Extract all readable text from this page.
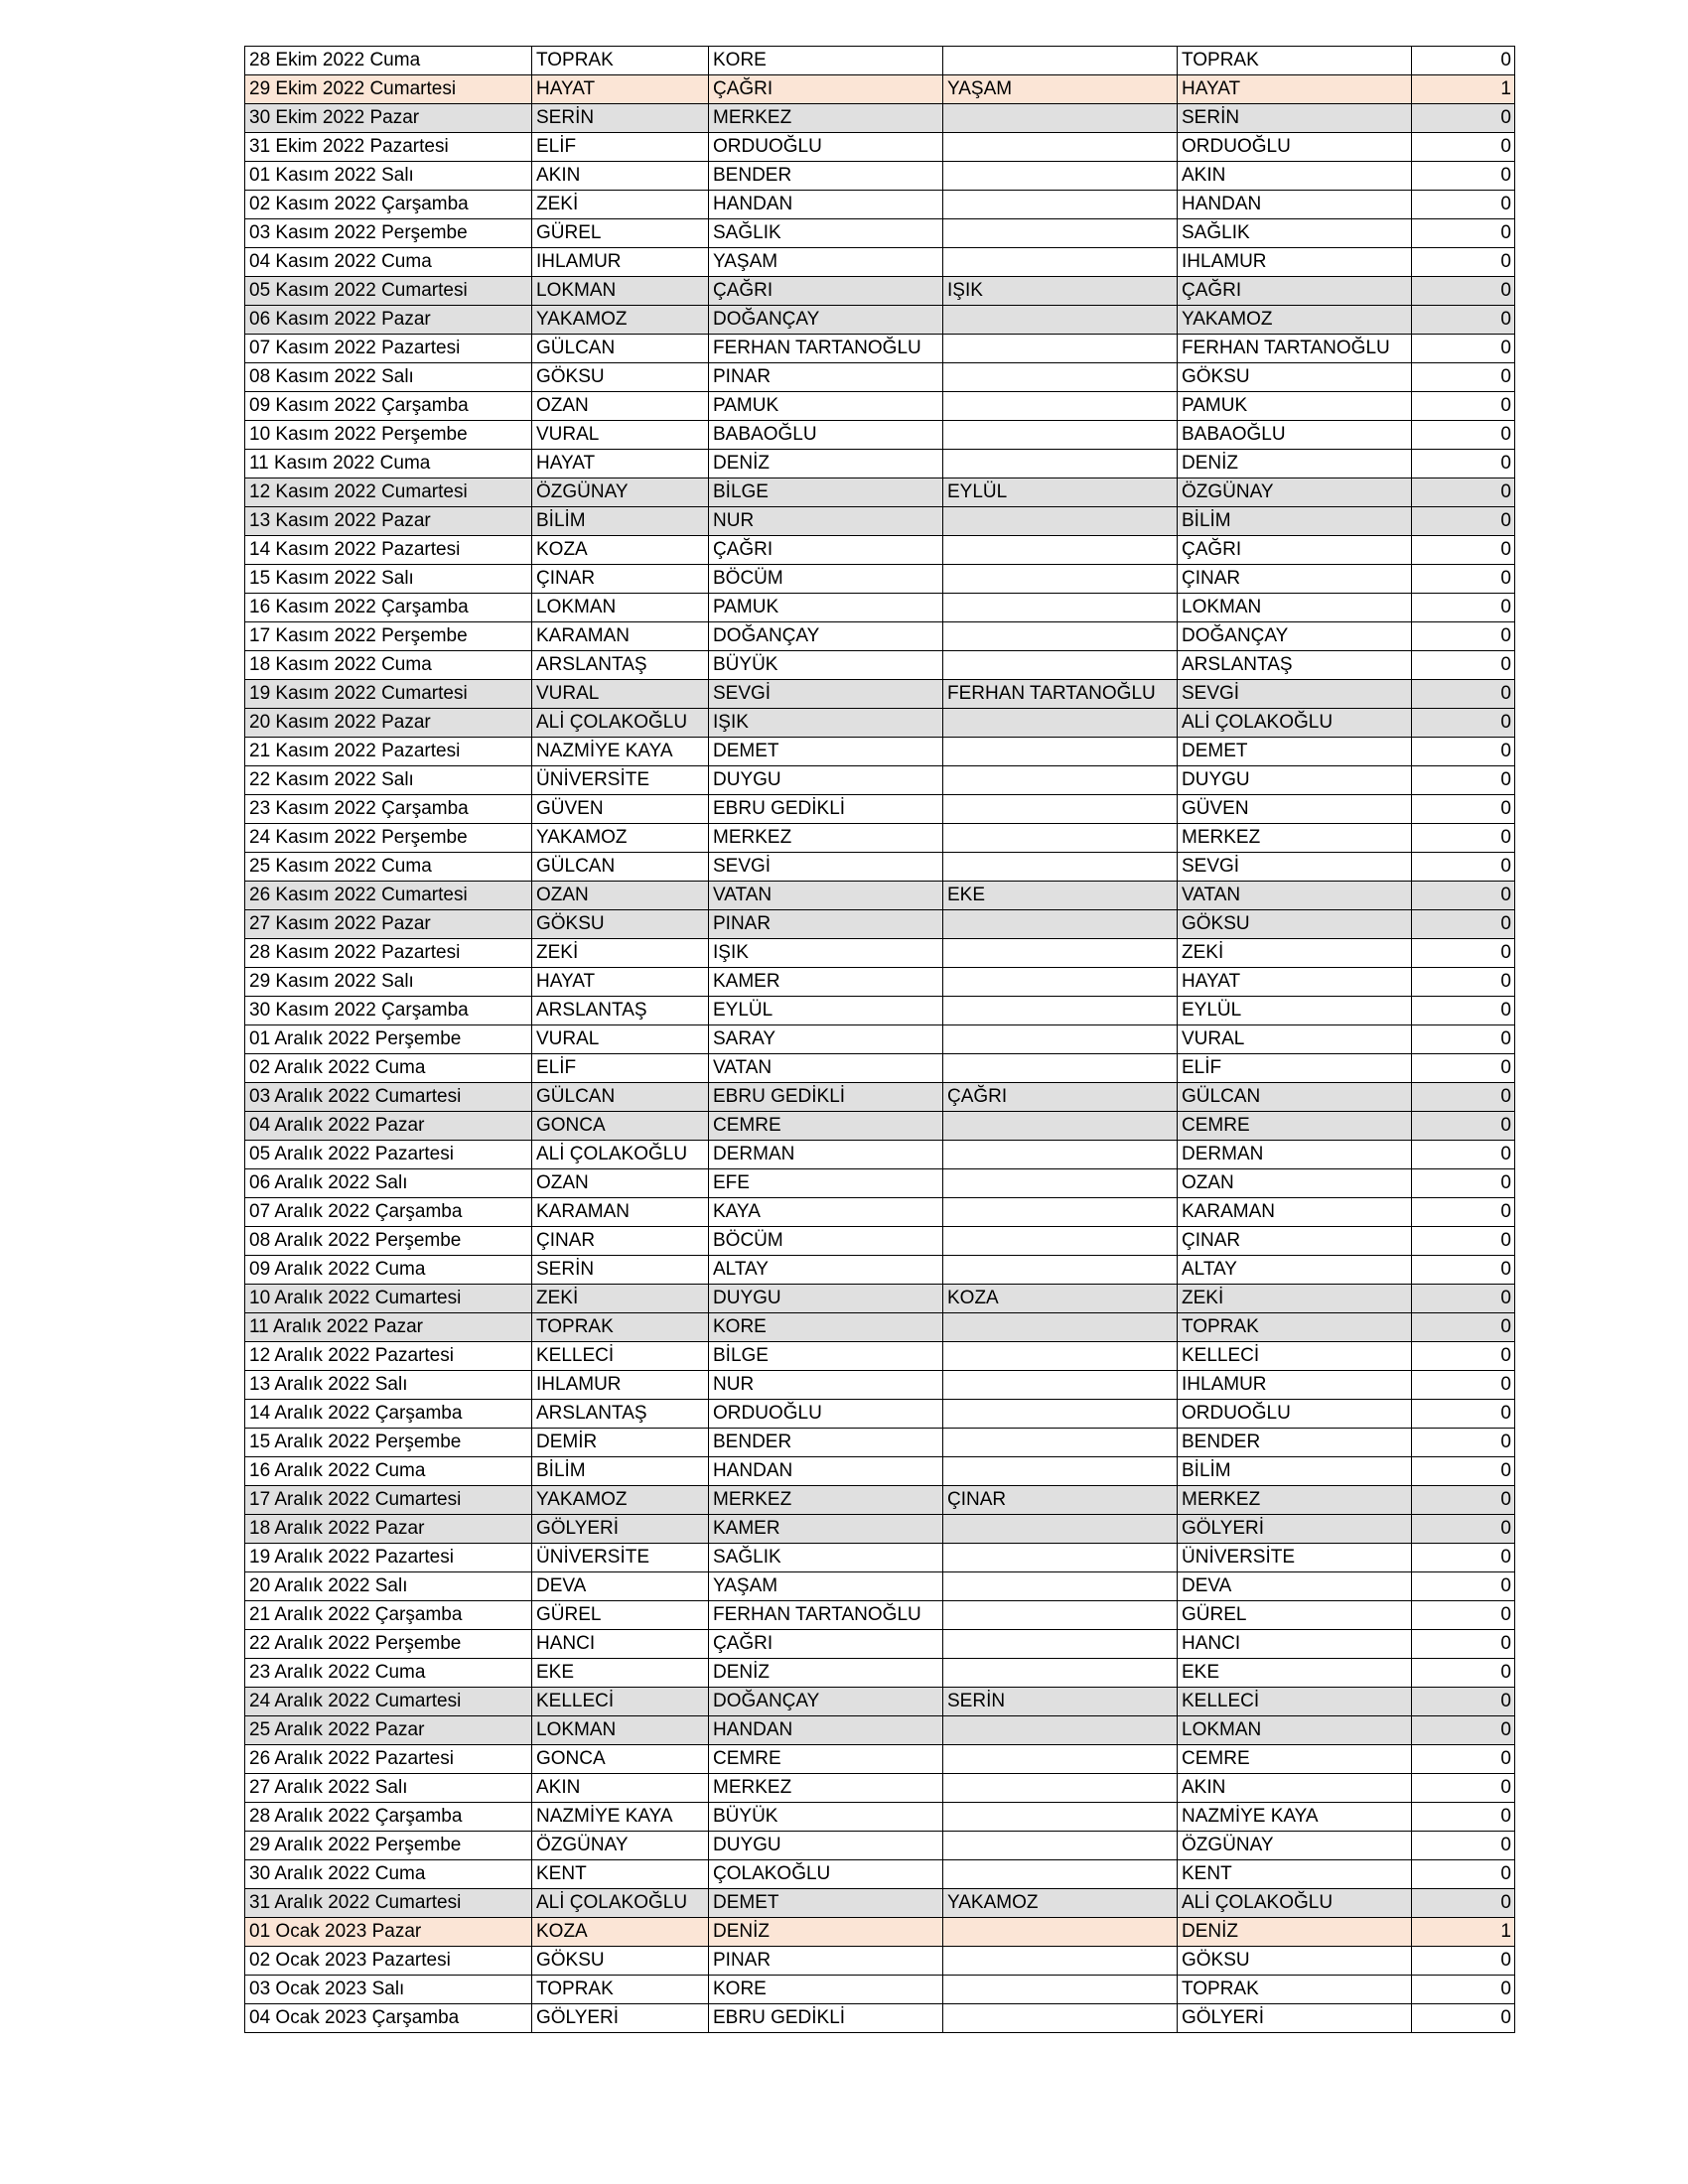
28 Ekim 2022 Cuma	TOPRAK	KORE		TOPRAK	0
29 Ekim 2022 Cumartesi	HAYAT	ÇAĞRI	YAŞAM	HAYAT	1
30 Ekim 2022 Pazar	SERİN	MERKEZ		SERİN	0
31 Ekim 2022 Pazartesi	ELİF	ORDUOĞLU		ORDUOĞLU	0
01 Kasım 2022 Salı	AKIN	BENDER		AKIN	0
02 Kasım 2022 Çarşamba	ZEKİ	HANDAN		HANDAN	0
03 Kasım 2022 Perşembe	GÜREL	SAĞLIK		SAĞLIK	0
04 Kasım 2022 Cuma	IHLAMUR	YAŞAM		IHLAMUR	0
05 Kasım 2022 Cumartesi	LOKMAN	ÇAĞRI	IŞIK	ÇAĞRI	0
06 Kasım 2022 Pazar	YAKAMOZ	DOĞANÇAY		YAKAMOZ	0
07 Kasım 2022 Pazartesi	GÜLCAN	FERHAN TARTANOĞLU		FERHAN TARTANOĞLU	0
08 Kasım 2022 Salı	GÖKSU	PINAR		GÖKSU	0
09 Kasım 2022 Çarşamba	OZAN	PAMUK		PAMUK	0
10 Kasım 2022 Perşembe	VURAL	BABAOĞLU		BABAOĞLU	0
11 Kasım 2022 Cuma	HAYAT	DENİZ		DENİZ	0
12 Kasım 2022 Cumartesi	ÖZGÜNAY	BİLGE	EYLÜL	ÖZGÜNAY	0
13 Kasım 2022 Pazar	BİLİM	NUR		BİLİM	0
14 Kasım 2022 Pazartesi	KOZA	ÇAĞRI		ÇAĞRI	0
15 Kasım 2022 Salı	ÇINAR	BÖCÜM		ÇINAR	0
16 Kasım 2022 Çarşamba	LOKMAN	PAMUK		LOKMAN	0
17 Kasım 2022 Perşembe	KARAMAN	DOĞANÇAY		DOĞANÇAY	0
18 Kasım 2022 Cuma	ARSLANTAŞ	BÜYÜK		ARSLANTAŞ	0
19 Kasım 2022 Cumartesi	VURAL	SEVGİ	FERHAN TARTANOĞLU	SEVGİ	0
20 Kasım 2022 Pazar	ALİ ÇOLAKOĞLU	IŞIK		ALİ ÇOLAKOĞLU	0
21 Kasım 2022 Pazartesi	NAZMİYE KAYA	DEMET		DEMET	0
22 Kasım 2022 Salı	ÜNİVERSİTE	DUYGU		DUYGU	0
23 Kasım 2022 Çarşamba	GÜVEN	EBRU GEDİKLİ		GÜVEN	0
24 Kasım 2022 Perşembe	YAKAMOZ	MERKEZ		MERKEZ	0
25 Kasım 2022 Cuma	GÜLCAN	SEVGİ		SEVGİ	0
26 Kasım 2022 Cumartesi	OZAN	VATAN	EKE	VATAN	0
27 Kasım 2022 Pazar	GÖKSU	PINAR		GÖKSU	0
28 Kasım 2022 Pazartesi	ZEKİ	IŞIK		ZEKİ	0
29 Kasım 2022 Salı	HAYAT	KAMER		HAYAT	0
30 Kasım 2022 Çarşamba	ARSLANTAŞ	EYLÜL		EYLÜL	0
01 Aralık 2022 Perşembe	VURAL	SARAY		VURAL	0
02 Aralık 2022 Cuma	ELİF	VATAN		ELİF	0
03 Aralık 2022 Cumartesi	GÜLCAN	EBRU GEDİKLİ	ÇAĞRI	GÜLCAN	0
04 Aralık 2022 Pazar	GONCA	CEMRE		CEMRE	0
05 Aralık 2022 Pazartesi	ALİ ÇOLAKOĞLU	DERMAN		DERMAN	0
06 Aralık 2022 Salı	OZAN	EFE		OZAN	0
07 Aralık 2022 Çarşamba	KARAMAN	KAYA		KARAMAN	0
08 Aralık 2022 Perşembe	ÇINAR	BÖCÜM		ÇINAR	0
09 Aralık 2022 Cuma	SERİN	ALTAY		ALTAY	0
10 Aralık 2022 Cumartesi	ZEKİ	DUYGU	KOZA	ZEKİ	0
11 Aralık 2022 Pazar	TOPRAK	KORE		TOPRAK	0
12 Aralık 2022 Pazartesi	KELLECİ	BİLGE		KELLECİ	0
13 Aralık 2022 Salı	IHLAMUR	NUR		IHLAMUR	0
14 Aralık 2022 Çarşamba	ARSLANTAŞ	ORDUOĞLU		ORDUOĞLU	0
15 Aralık 2022 Perşembe	DEMİR	BENDER		BENDER	0
16 Aralık 2022 Cuma	BİLİM	HANDAN		BİLİM	0
17 Aralık 2022 Cumartesi	YAKAMOZ	MERKEZ	ÇINAR	MERKEZ	0
18 Aralık 2022 Pazar	GÖLYERİ	KAMER		GÖLYERİ	0
19 Aralık 2022 Pazartesi	ÜNİVERSİTE	SAĞLIK		ÜNİVERSİTE	0
20 Aralık 2022 Salı	DEVA	YAŞAM		DEVA	0
21 Aralık 2022 Çarşamba	GÜREL	FERHAN TARTANOĞLU		GÜREL	0
22 Aralık 2022 Perşembe	HANCI	ÇAĞRI		HANCI	0
23 Aralık 2022 Cuma	EKE	DENİZ		EKE	0
24 Aralık 2022 Cumartesi	KELLECİ	DOĞANÇAY	SERİN	KELLECİ	0
25 Aralık 2022 Pazar	LOKMAN	HANDAN		LOKMAN	0
26 Aralık 2022 Pazartesi	GONCA	CEMRE		CEMRE	0
27 Aralık 2022 Salı	AKIN	MERKEZ		AKIN	0
28 Aralık 2022 Çarşamba	NAZMİYE KAYA	BÜYÜK		NAZMİYE KAYA	0
29 Aralık 2022 Perşembe	ÖZGÜNAY	DUYGU		ÖZGÜNAY	0
30 Aralık 2022 Cuma	KENT	ÇOLAKOĞLU		KENT	0
31 Aralık 2022 Cumartesi	ALİ ÇOLAKOĞLU	DEMET	YAKAMOZ	ALİ ÇOLAKOĞLU	0
01 Ocak 2023 Pazar	KOZA	DENİZ		DENİZ	1
02 Ocak 2023 Pazartesi	GÖKSU	PINAR		GÖKSU	0
03 Ocak 2023 Salı	TOPRAK	KORE		TOPRAK	0
04 Ocak 2023 Çarşamba	GÖLYERİ	EBRU GEDİKLİ		GÖLYERİ	0
